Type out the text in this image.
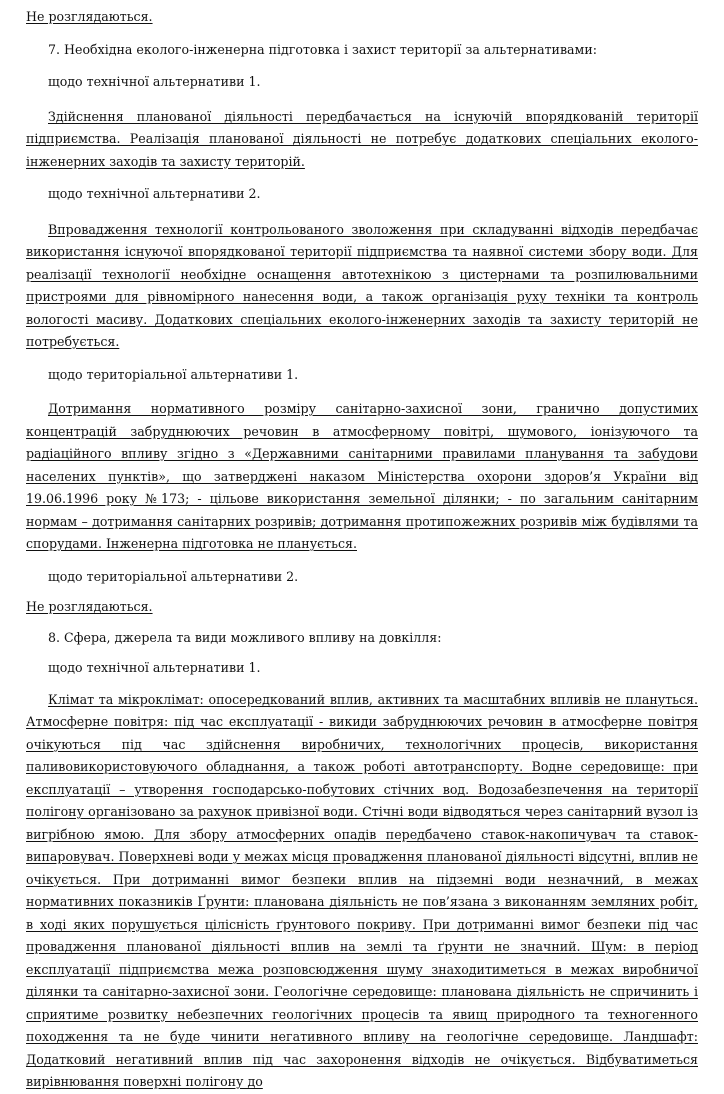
Не розглядаються.

7. Необхідна еколого-інженерна підготовка і захист території за альтернативами:

щодо технічної альтернативи 1.

Здійснення планованої діяльності передбачається на існуючій впорядкованій території підприємства. Реалізація планованої діяльності не потребує додаткових спеціальних еколого-інженерних заходів та захисту територій.

щодо технічної альтернативи 2.

Впровадження технології контрольованого зволоження при складуванні відходів передбачає використання існуючої впорядкованої території підприємства та наявної системи збору води. Для реалізації технології необхідне оснащення автотехнікою з цистернами та розпилювальними пристроями для рівномірного нанесення води, а також організація руху техніки та контроль вологості масиву. Додаткових спеціальних еколого-інженерних заходів та захисту територій не потребується.

щодо територіальної альтернативи 1.

Дотримання нормативного розміру санітарно-захисної зони, гранично допустимих концентрацій забруднюючих речовин в атмосферному повітрі, шумового, іонізуючого та радіаційного впливу згідно з «Державними санітарними правилами планування та забудови населених пунктів», що затверджені наказом Міністерства охорони здоров’я України від 19.06.1996 року №173; - цільове використання земельної ділянки; - по загальним санітарним нормам – дотримання санітарних розривів; дотримання протипожежних розривів між будівлями та спорудами. Інженерна підготовка не планується.

щодо територіальної альтернативи 2.

Не розглядаються.

8. Сфера, джерела та види можливого впливу на довкілля:

щодо технічної альтернативи 1.

Клімат та мікроклімат: опосередкований вплив, активних та масштабних впливів не плануться. Атмосферне повітря: під час експлуатації - викиди забруднюючих речовин в атмосферне повітря очікуються під час здійснення виробничих, технологічних процесів, використання паливовикористовуючого обладнання, а також роботі автотранспорту. Водне середовище: при експлуатації – утворення господарсько-побутових стічних вод. Водозабезпечення на території полігону організовано за рахунок привізної води. Стічні води відводяться через санітарний вузол із вигрібною ямою. Для збору атмосферних опадів передбачено ставок-накопичувач та ставок-випаровувач. Поверхневі води у межах місця провадження планованої діяльності відсутні, вплив не очікується. При дотриманні вимог безпеки вплив на підземні води незначний, в межах нормативних показників Ґрунти: планована діяльність не пов’язана з виконанням земляних робіт, в ході яких порушується цілісність ґрунтового покриву. При дотриманні вимог безпеки під час провадження планованої діяльності вплив на землі та ґрунти не значний. Шум: в період експлуатації підприємства межа розповсюдження шуму знаходитиметься в межах виробничої ділянки та санітарно-захисної зони. Геологічне середовище: планована діяльність не спричинить і сприятиме розвитку небезпечних геологічних процесів та явищ природного та техногенного походження та не буде чинити негативного впливу на геологічне середовище. Ландшафт: Додатковий негативний вплив під час захоронення відходів не очікується. Відбуватиметься вирівнювання поверхні полігону до
